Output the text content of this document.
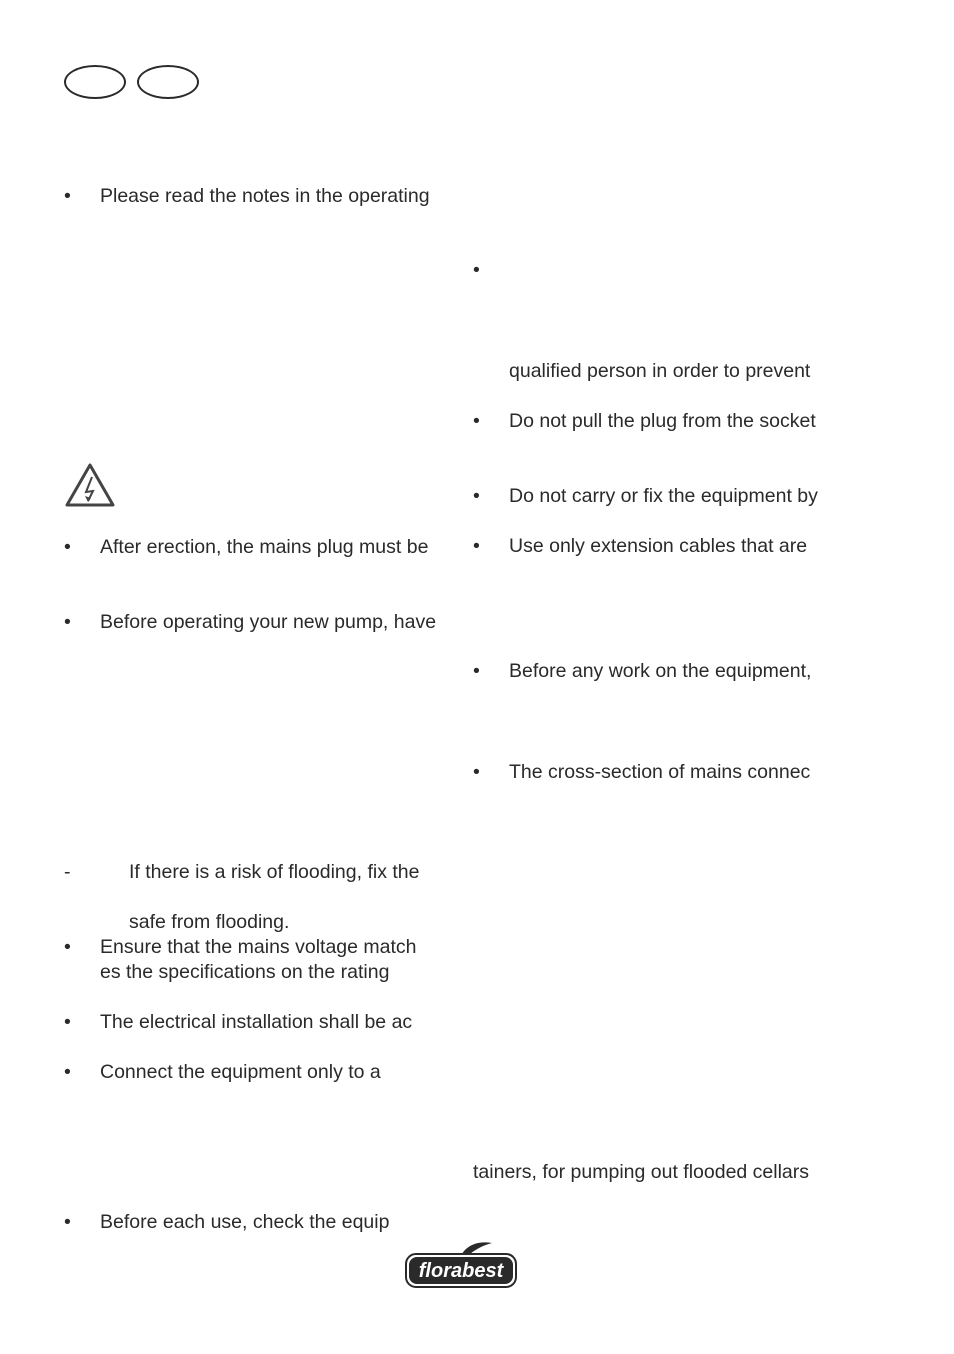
• Please read the notes in the operating
• After erection, the mains plug must be
• Before operating your new pump, have
-	If there is a risk of flooding, fix the
safe from flooding.
• Ensure that the mains voltage match
es the specifications on the rating
• The electrical installation shall be ac
• Connect the equipment only to a
• Before each use, check the equip
•
qualified person in order to prevent
• Do not pull the plug from the socket
• Do not carry or fix the equipment by
• Use only extension cables that are
• Before any work on the equipment,
• The cross-section of mains connec
tainers, for pumping out flooded cellars
florabest
